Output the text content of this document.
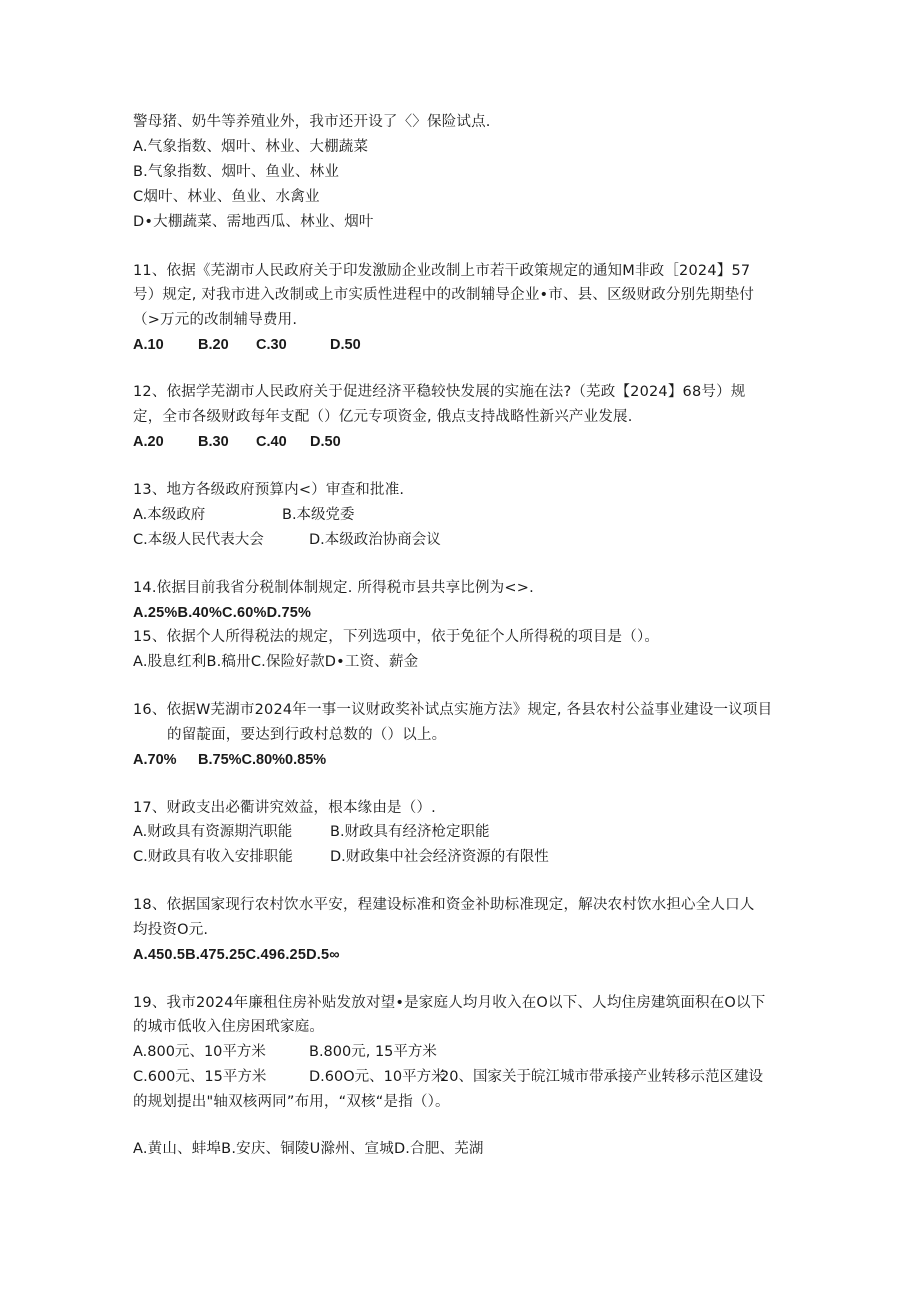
警母猪、奶牛等养殖业外，我市还开设了〈〉保险试点.
A.气象指数、烟叶、林业、大棚蔬菜
B.气象指数、烟叶、鱼业、林业
C烟叶、林业、鱼业、水禽业
D•大棚蔬菜、需地西瓜、林业、烟叶
11、依据《芜湖市人民政府关于印发激励企业改制上市若干政策规定的通知M非政［2024】57
号）规定, 对我市进入改制或上市实质性进程中的改制辅导企业•市、县、区级财政分别先期垫付
（>万元的改制辅导费用.
A.10 B.20 C.30	D.50
12、依据学芜湖市人民政府关于促进经济平稳较快发展的实施在法?（芜政【2024】68号）规
定，全市各级财政每年支配（）亿元专项资金, 俄点支持战略性新兴产业发展.
A.20 B.30 C.40 D.50
13、地方各级政府预算内<）审查和批准.
A.本级政府	B.本级党委
C.本级人民代表大会	D.本级政治协商会议
14.依据目前我省分税制体制规定. 所得税市县共享比例为<>.
A.25%B.40%C.60%D.75%
15、依据个人所得税法的规定，下列选项中，依于免征个人所得税的项目是（）。
A.股息红利B.稿卅C.保险好款D•工资、薪金
16、依据W芜湖市2024年一事一议财政奖补试点实施方法》规定, 各县农村公益事业建设一议项目
的留靛面，要达到行政村总数的（）以上。
A.70% B.75%C.80%0.85%
17、财政支出必衢讲究效益，根本缘由是（）.
A.财政具有资源期汽职能	B.财政具有经济枪定职能
C.财政具有收入安排职能	D.财政集中社会经济资源的有限性
18、依据国家现行农村饮水平安，程建设标准和资金补助标准现定，解决农村饮水担心全人口人
均投资O元.
A.450.5B.475.25C.496.25D.5∞
19、我市2024年廉租住房补贴发放对望•是家庭人均月收入在O以下、人均住房建筑面积在O以下
的城市低收入住房困玳家庭。
A.800元、10平方米	B.800元, 15平方米
C.600元、15平方米	D.60O元、10平方米
20、国家关于皖江城市带承接产业转移示范区建设
的规划提出"轴双核两同”布用，“双核“是指（）。
A.黄山、蚌埠B.安庆、铜陵U滁州、宣城D.合肥、芜湖
